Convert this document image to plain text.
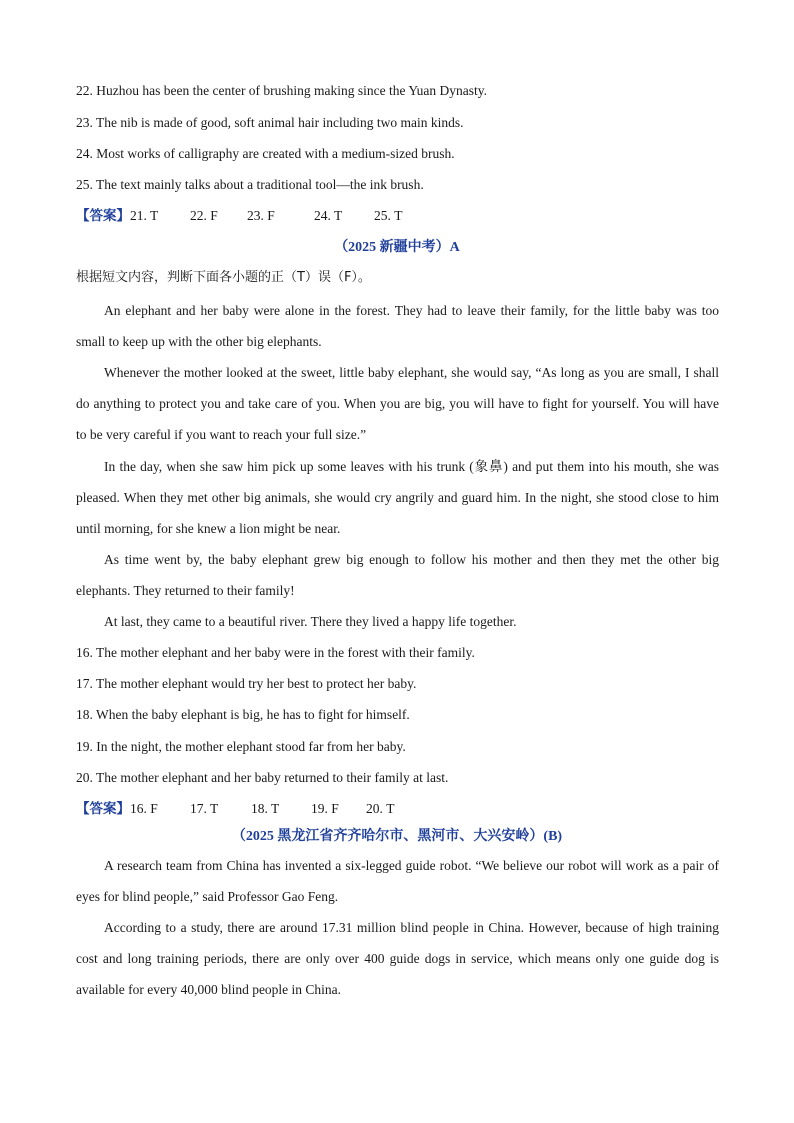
22. Huzhou has been the center of brushing making since the Yuan Dynasty.
23. The nib is made of good, soft animal hair including two main kinds.
24. Most works of calligraphy are created with a medium-sized brush.
25. The text mainly talks about a traditional tool—the ink brush.
【答案】21. T 22. F 23. F	24. T 25. T
（2025 新疆中考）A
根据短文内容，判断下面各小题的正（T）误（F）。
An elephant and her baby were alone in the forest. They had to leave their family, for the little baby was too small to keep up with the other big elephants.
Whenever the mother looked at the sweet, little baby elephant, she would say, “As long as you are small, I shall do anything to protect you and take care of you. When you are big, you will have to fight for yourself. You will have to be very careful if you want to reach your full size.”
In the day, when she saw him pick up some leaves with his trunk (象鼻) and put them into his mouth, she was pleased. When they met other big animals, she would cry angrily and guard him. In the night, she stood close to him until morning, for she knew a lion might be near.
As time went by, the baby elephant grew big enough to follow his mother and then they met the other big elephants. They returned to their family!
At last, they came to a beautiful river. There they lived a happy life together.
16. The mother elephant and her baby were in the forest with their family.
17. The mother elephant would try her best to protect her baby.
18. When the baby elephant is big, he has to fight for himself.
19. In the night, the mother elephant stood far from her baby.
20. The mother elephant and her baby returned to their family at last.
【答案】16. F 17. T 18. T 19. F 20. T
（2025 黑龙江省齐齐哈尔市、黑河市、大兴安岭）(B)
A research team from China has invented a six-legged guide robot. “We believe our robot will work as a pair of eyes for blind people,” said Professor Gao Feng.
According to a study, there are around 17.31 million blind people in China. However, because of high training cost and long training periods, there are only over 400 guide dogs in service, which means only one guide dog is available for every 40,000 blind people in China.
